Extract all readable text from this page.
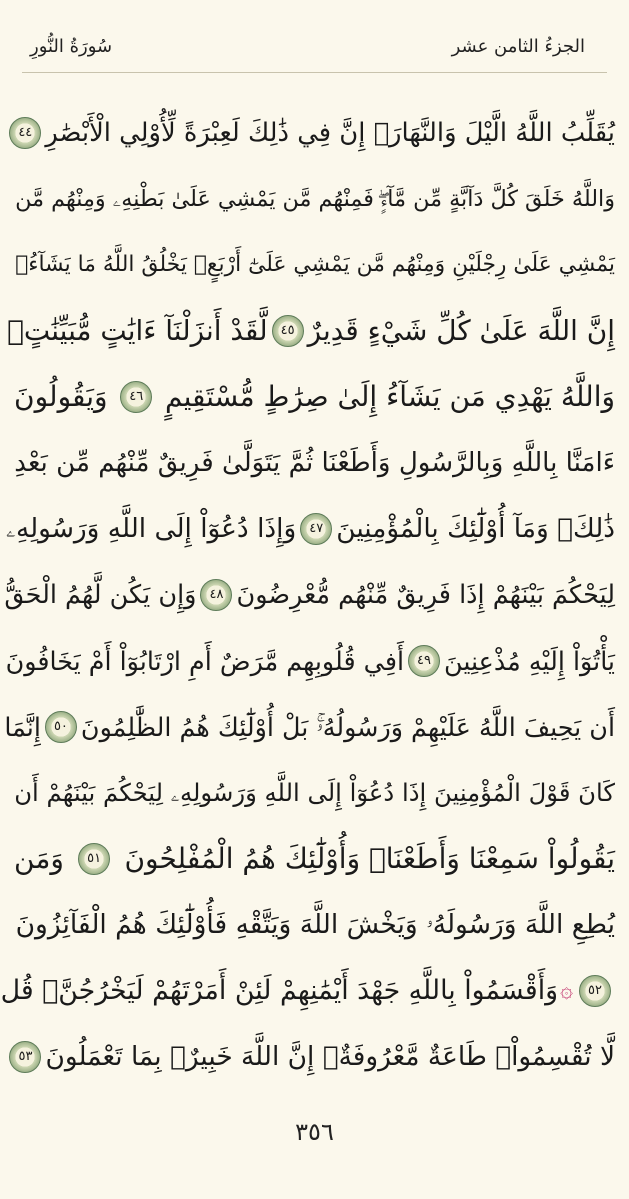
الجزءُ الثامن عشر
سُورَةُ النُّورِ
يُقَلِّبُ اللَّهُ الَّيْلَ وَالنَّهَارَۚ إِنَّ فِي ذَٰلِكَ لَعِبْرَةً لِّأُوْلِي الْأَبْصَٰرِ
٤٤
وَاللَّهُ خَلَقَ كُلَّ دَآبَّةٍ مِّن مَّآءٍۖ فَمِنْهُم مَّن يَمْشِي عَلَىٰ بَطْنِهِۦ وَمِنْهُم مَّن
يَمْشِي عَلَىٰ رِجْلَيْنِ وَمِنْهُم مَّن يَمْشِي عَلَىٰٓ أَرْبَعٍۚ يَخْلُقُ اللَّهُ مَا يَشَآءُۚ
إِنَّ اللَّهَ عَلَىٰ كُلِّ شَيْءٍ قَدِيرٌ
٤٥
لَّقَدْ أَنزَلْنَآ ءَايَٰتٍ مُّبَيِّنَٰتٍۚ
وَاللَّهُ يَهْدِي مَن يَشَآءُ إِلَىٰ صِرَٰطٍ مُّسْتَقِيمٍ
٤٦
وَيَقُولُونَ
ءَامَنَّا بِاللَّهِ وَبِالرَّسُولِ وَأَطَعْنَا ثُمَّ يَتَوَلَّىٰ فَرِيقٌ مِّنْهُم مِّن بَعْدِ
ذَٰلِكَۚ وَمَآ أُوْلَٰٓئِكَ بِالْمُؤْمِنِينَ
٤٧
وَإِذَا دُعُوٓاْ إِلَى اللَّهِ وَرَسُولِهِۦ
لِيَحْكُمَ بَيْنَهُمْ إِذَا فَرِيقٌ مِّنْهُم مُّعْرِضُونَ
٤٨
وَإِن يَكُن لَّهُمُ الْحَقُّ
يَأْتُوٓاْ إِلَيْهِ مُذْعِنِينَ
٤٩
أَفِي قُلُوبِهِم مَّرَضٌ أَمِ ارْتَابُوٓاْ أَمْ يَخَافُونَ
أَن يَحِيفَ اللَّهُ عَلَيْهِمْ وَرَسُولُهُۥۚ بَلْ أُوْلَٰٓئِكَ هُمُ الظَّٰلِمُونَ
٥٠
إِنَّمَا
كَانَ قَوْلَ الْمُؤْمِنِينَ إِذَا دُعُوٓاْ إِلَى اللَّهِ وَرَسُولِهِۦ لِيَحْكُمَ بَيْنَهُمْ أَن
يَقُولُواْ سَمِعْنَا وَأَطَعْنَاۚ وَأُوْلَٰٓئِكَ هُمُ الْمُفْلِحُونَ
٥١
وَمَن
يُطِعِ اللَّهَ وَرَسُولَهُۥ وَيَخْشَ اللَّهَ وَيَتَّقْهِ فَأُوْلَٰٓئِكَ هُمُ الْفَآئِزُونَ
٥٢
۞
وَأَقْسَمُواْ بِاللَّهِ جَهْدَ أَيْمَٰنِهِمْ لَئِنْ أَمَرْتَهُمْ لَيَخْرُجُنَّۖ قُل
لَّا تُقْسِمُواْۖ طَاعَةٌ مَّعْرُوفَةٌۚ إِنَّ اللَّهَ خَبِيرٌۢ بِمَا تَعْمَلُونَ
٥٣
٣٥٦
